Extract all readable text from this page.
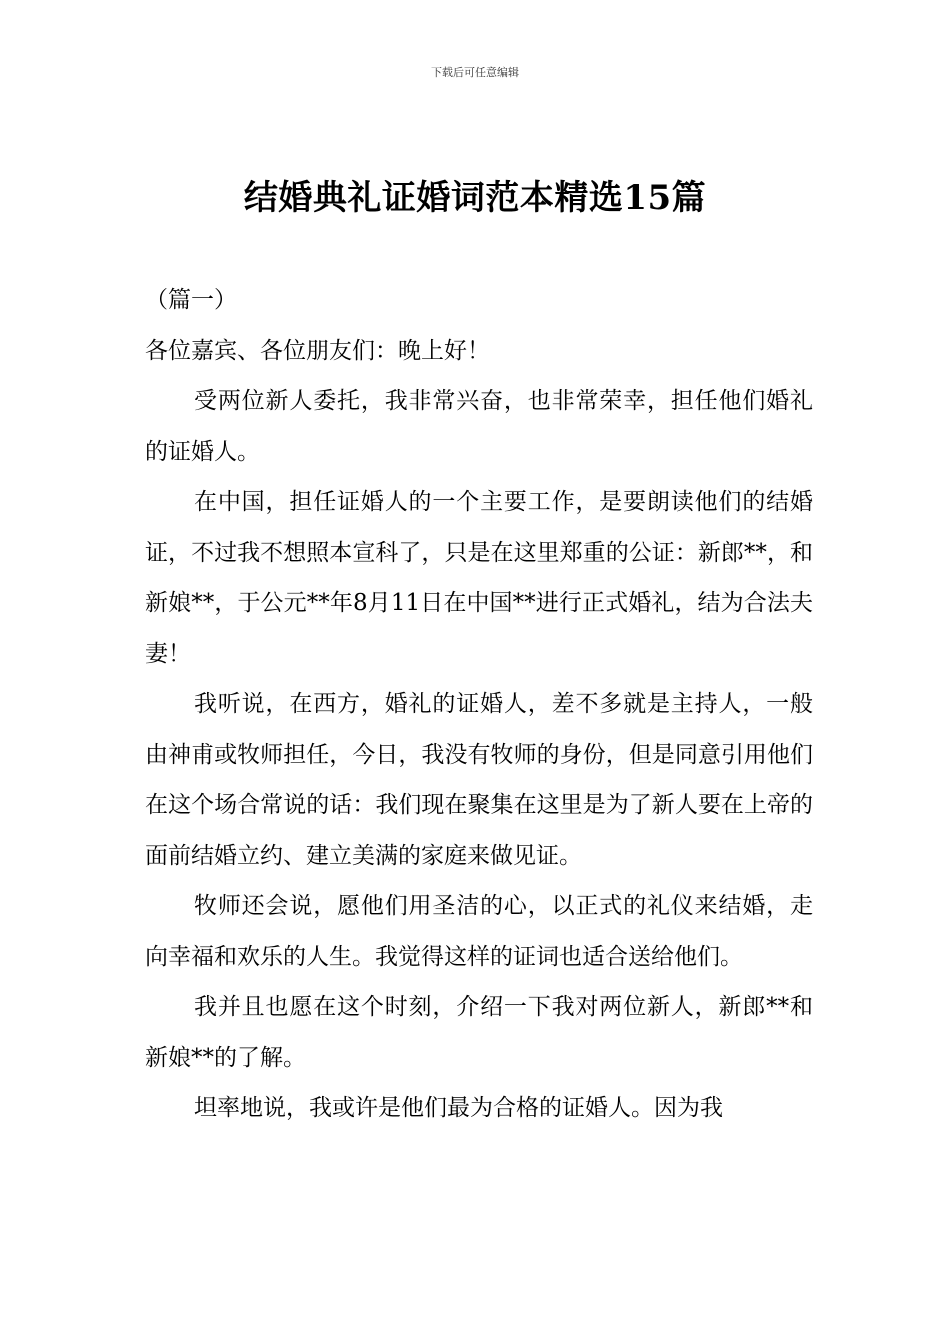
下载后可任意编辑
结婚典礼证婚词范本精选15篇

（篇一）

各位嘉宾、各位朋友们：晚上好！

受两位新人委托，我非常兴奋，也非常荣幸，担任他们婚礼的证婚人。

在中国，担任证婚人的一个主要工作，是要朗读他们的结婚证，不过我不想照本宣科了，只是在这里郑重的公证：新郎**，和新娘**，于公元**年8月11日在中国**进行正式婚礼，结为合法夫妻！

我听说，在西方，婚礼的证婚人，差不多就是主持人，一般由神甫或牧师担任，今日，我没有牧师的身份，但是同意引用他们在这个场合常说的话：我们现在聚集在这里是为了新人要在上帝的面前结婚立约、建立美满的家庭来做见证。

牧师还会说，愿他们用圣洁的心，以正式的礼仪来结婚，走向幸福和欢乐的人生。我觉得这样的证词也适合送给他们。

我并且也愿在这个时刻，介绍一下我对两位新人，新郎**和新娘**的了解。

坦率地说，我或许是他们最为合格的证婚人。因为我
